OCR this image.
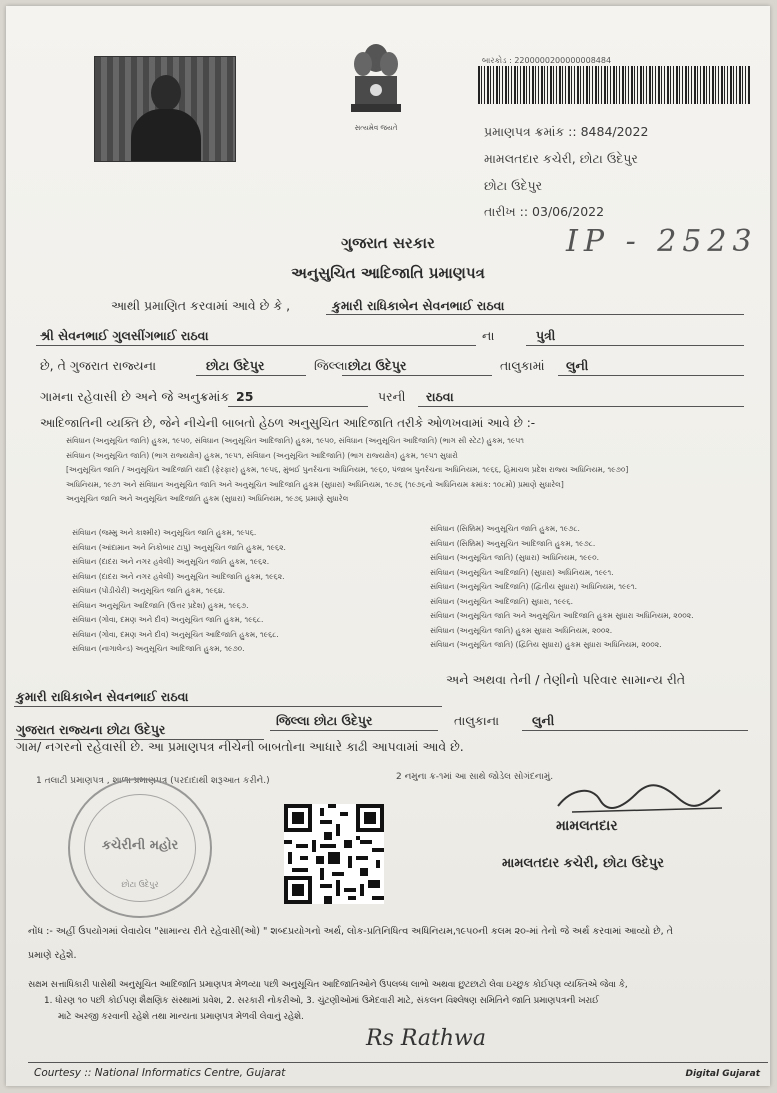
સત્યમેવ જયતે
બારકોડ : 2200000200000008484
પ્રમાણપત્ર ક્રમાંક :: 8484/2022
મામલતદાર કચેરી, છોટા ઉદેપુર
છોટા ઉદેપુર
તારીખ :: 03/06/2022
IP - 2523
ગુજરાત સરકાર
અનુસુચિત આદિજાતિ પ્રમાણપત્ર
આથી પ્રમાણિત કરવામાં આવે છે કે ,	કુમારી રાધિકાબેન સેવનભાઈ રાઠવા
શ્રી સેવનભાઈ ગુલસીંગભાઈ રાઠવા	ના	પુત્રી
છે, તે ગુજરાત રાજ્યના	છોટા ઉદેપુર	જિલ્લા છોટા ઉદેપુર	તાલુકામાં લુની
ગામના રહેવાસી છે અને જે અનુક્રમાંક 25	પરની રાઠવા
આદિજાતિની વ્યક્તિ છે, જેને નીચેની બાબતો હેઠળ અનુસુચિત આદિજાતિ તરીકે ઓળખવામાં આવે છે :-
સંવિધાન (અનુસૂચિત જાતિ) હુકમ, ૧૯૫૦, સંવિધાન (અનુસૂચિત આદિજાતિ) હુકમ, ૧૯૫૦, સંવિધાન (અનુસૂચિત આદિજાતિ) (ભાગ સી સ્ટેટ) હુકમ, ૧૯૫૧
સંવિધાન (અનુસૂચિત જાતિ) (ભાગ રાજ્યક્ષેત્ર) હુકમ, ૧૯૫૧, સંવિધાન (અનુસૂચિત આદિજાતિ) (ભાગ રાજ્યક્ષેત્ર) હુકમ, ૧૯૫૧ સુધારો
[અનુસૂચિત જાતિ / અનુસૂચિત આદિજાતિ યાદી (ફેરફાર) હુકમ, ૧૯૫૬, મુંબઈ પુનર્રચના અધિનિયમ, ૧૯૬૦, પંજાબ પુનર્રચના અધિનિયમ, ૧૯૬૬, હિમાચલ પ્રદેશ રાજ્ય અધિનિયમ, ૧૯૭૦]
અધિનિયમ, ૧૯૭૧ અને સંવિધાન અનુસૂચિત જાતિ અને અનુસૂચિત આદિજાતિ હુકમ (સુધારા) અધિનિયમ, ૧૯૭૬ (૧૯૭૬નો અધિનિયમ ક્રમાંક: ૧૦૮મો) પ્રમાણે સુધારેલ]
અનુસૂચિત જાતિ અને અનુસૂચિત આદિજાતિ હુકમ (સુધારા) અધિનિયમ, ૧૯૭૬ પ્રમાણે સુધારેલ
સંવિધાન (જમ્મુ અને કાશ્મીર) અનુસૂચિત જાતિ હુકમ, ૧૯૫૬.
સંવિધાન (આંદામાન અને નિકોબાર ટાપુ) અનુસૂચિત જાતિ હુકમ, ૧૯૬૨.
સંવિધાન (દાદરા અને નગર હવેલી) અનુસૂચિત જાતિ હુકમ, ૧૯૬૨.
સંવિધાન (દાદરા અને નગર હવેલી) અનુસૂચિત આદિજાતિ હુકમ, ૧૯૬૨.
સંવિધાન (પોંડીચેરી) અનુસૂચિત જાતિ હુકમ, ૧૯૬૪.
સંવિધાન અનુસૂચિત આદિજાતિ (ઉત્તર પ્રદેશ) હુકમ, ૧૯૬૭.
સંવિધાન (ગોવા, દમણ અને દીવ) અનુસૂચિત જાતિ હુકમ, ૧૯૬૮.
સંવિધાન (ગોવા, દમણ અને દીવ) અનુસૂચિત આદિજાતિ હુકમ, ૧૯૬૮.
સંવિધાન (નાગાલેન્ડ) અનુસૂચિત આદિજાતિ હુકમ, ૧૯૭૦.
સંવિધાન (સિક્કિમ) અનુસૂચિત જાતિ હુકમ, ૧૯૭૮.
સંવિધાન (સિક્કિમ) અનુસૂચિત આદિજાતિ હુકમ, ૧૯૭૮.
સંવિધાન (અનુસૂચિત જાતિ) (સુધારા) અધિનિયમ, ૧૯૯૦.
સંવિધાન (અનુસૂચિત આદિજાતિ) (સુધારા) અધિનિયમ, ૧૯૯૧.
સંવિધાન (અનુસૂચિત આદિજાતિ) (દ્વિતીય સુધારા) અધિનિયમ, ૧૯૯૧.
સંવિધાન (અનુસૂચિત આદિજાતિ) સુધારા, ૧૯૯૬.
સંવિધાન (અનુસૂચિત જાતિ અને અનુસૂચિત આદિજાતિ હુકમ સુધારા અધિનિયમ, ૨૦૦૨.
સંવિધાન (અનુસૂચિત જાતિ) હુકમ સુધારા અધિનિયમ, ૨૦૦૨.
સંવિધાન (અનુસૂચિત જાતિ) (દ્વિતિય સુધારા) હુકમ સુધારા અધિનિયમ, ૨૦૦૨.
અને અથવા તેની / તેણીનો પરિવાર સામાન્ય રીતે
કુમારી રાધિકાબેન સેવનભાઈ રાઠવા
ગુજરાત રાજ્યના છોટા ઉદેપુર
જિલ્લા છોટા ઉદેપુર	તાલુકાના	લુની
ગામ/ નગરનો રહેવાસી છે. આ પ્રમાણપત્ર નીચેની બાબતોના આધારે કાઢી આપવામાં આવે છે.
1 તલાટી પ્રમાણપત્ર , શાળા પ્રમાણપત્ર (પરદાદાથી શરૂઆત કરીને.)	2 નમુના ક્ર-૧માં આ સાથે જોડેલ સોગંદનામું.
કચેરીની મહોર
છોટા ઉદેપુર
મામલતદાર
મામલતદાર કચેરી, છોટા ઉદેપુર
નોંધ :- અહીં ઉપયોગમાં લેવાયેલ "સામાન્ય રીતે રહેવાસી(ઓ) " શબ્દપ્રયોગનો અર્થ, લોક-પ્રતિનિધિત્વ અધિનિયમ,૧૯૫૦ની કલમ ૨૦-માં તેનો જે અર્થ કરવામાં આવ્યો છે, તે
પ્રમાણે રહેશે.
સક્ષમ સત્તાધિકારી પાસેથી અનુસૂચિત આદિજાતિ પ્રમાણપત્ર મેળવ્યા પછી અનુસૂચિત આદિજાતિઓને ઉપલબ્ધ લાભો અથવા છુટછાટો લેવા ઇચ્છુક કોઈપણ વ્યક્તિએ જેવા કે,
1. ધોરણ ૧૦ પછી કોઈપણ શૈક્ષણિક સંસ્થામાં પ્રવેશ, 2. સરકારી નોકરીઓ, 3. ચુંટણીઓમાં ઉમેદવારી માટે, સંકલન વિશ્લેષણ સમિતિને જાતિ પ્રમાણપત્રની ખરાઈ
માટે અરજી કરવાની રહેશે તથા માન્યતા પ્રમાણપત્ર મેળવી લેવાનું રહેશે.
Rs Rathwa
Courtesy :: National Informatics Centre, Gujarat	Digital Gujarat
